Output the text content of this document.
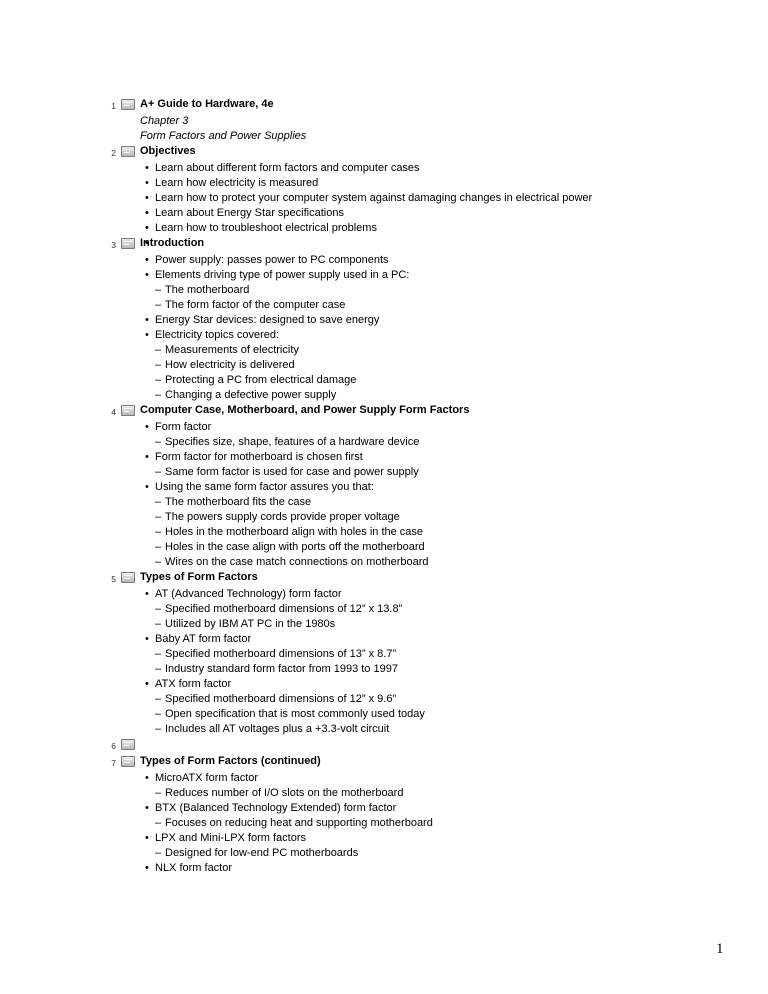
1 A+ Guide to Hardware, 4e
Chapter 3
Form Factors and Power Supplies
2 Objectives
• Learn about different form factors and computer cases
• Learn how electricity is measured
• Learn how to protect your computer system against damaging changes in electrical power
• Learn about Energy Star specifications
• Learn how to troubleshoot electrical problems
3 Introduction
• Power supply: passes power to PC components
• Elements driving type of power supply used in a PC:
– The motherboard
– The form factor of the computer case
• Energy Star devices: designed to save energy
• Electricity topics covered:
– Measurements of electricity
– How electricity is delivered
– Protecting a PC from electrical damage
– Changing a defective power supply
4 Computer Case, Motherboard, and Power Supply Form Factors
• Form factor
– Specifies size, shape, features of a hardware device
• Form factor for motherboard is chosen first
– Same form factor is used for case and power supply
• Using the same form factor assures you that:
– The motherboard fits the case
– The powers supply cords provide proper voltage
– Holes in the motherboard align with holes in the case
– Holes in the case align with ports off the motherboard
– Wires on the case match connections on motherboard
5 Types of Form Factors
• AT (Advanced Technology) form factor
– Specified motherboard dimensions of 12” x 13.8”
– Utilized by IBM AT PC in the 1980s
• Baby AT form factor
– Specified motherboard dimensions of 13” x 8.7”
– Industry standard form factor from 1993 to 1997
• ATX form factor
– Specified motherboard dimensions of 12” x 9.6”
– Open specification that is most commonly used today
– Includes all AT voltages plus a +3.3-volt circuit
6
7 Types of Form Factors (continued)
• MicroATX form factor
– Reduces number of I/O slots on the motherboard
• BTX (Balanced Technology Extended) form factor
– Focuses on reducing heat and supporting motherboard
• LPX and Mini-LPX form factors
– Designed for low-end PC motherboards
• NLX form factor
1
